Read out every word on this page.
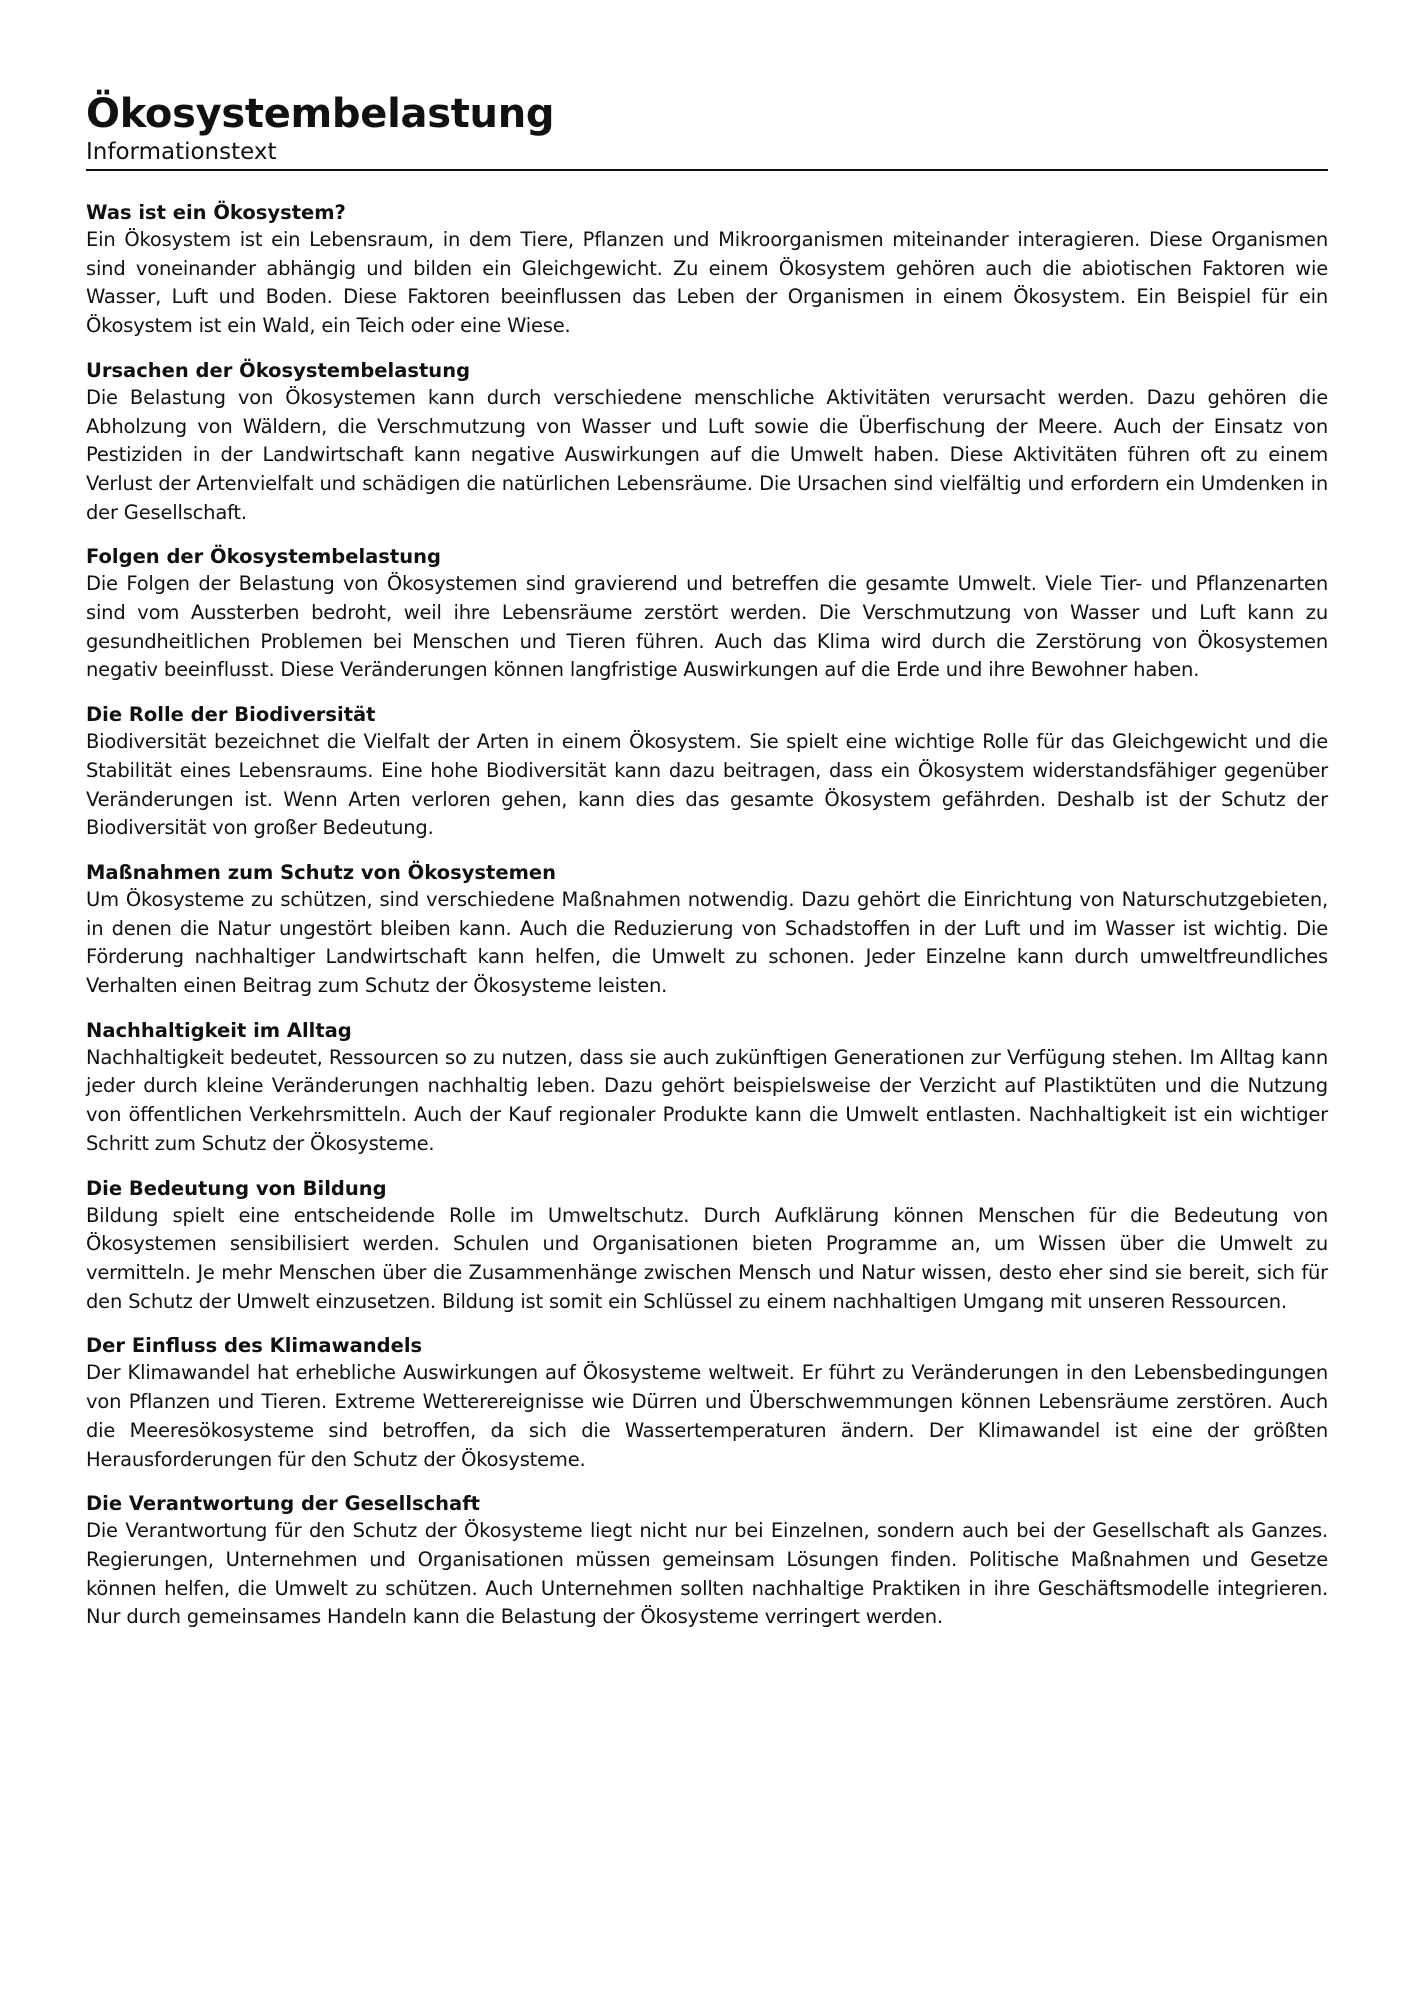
Ökosystembelastung

Informationstext

Was ist ein Ökosystem?

Ein Ökosystem ist ein Lebensraum, in dem Tiere, Pflanzen und Mikroorganismen miteinander interagieren. Diese Organismen sind voneinander abhängig und bilden ein Gleichgewicht. Zu einem Ökosystem gehören auch die abiotischen Faktoren wie Wasser, Luft und Boden. Diese Faktoren beeinflussen das Leben der Organismen in einem Ökosystem. Ein Beispiel für ein Ökosystem ist ein Wald, ein Teich oder eine Wiese.

Ursachen der Ökosystembelastung

Die Belastung von Ökosystemen kann durch verschiedene menschliche Aktivitäten verursacht werden. Dazu gehören die Abholzung von Wäldern, die Verschmutzung von Wasser und Luft sowie die Überfischung der Meere. Auch der Einsatz von Pestiziden in der Landwirtschaft kann negative Auswirkungen auf die Umwelt haben. Diese Aktivitäten führen oft zu einem Verlust der Artenvielfalt und schädigen die natürlichen Lebensräume. Die Ursachen sind vielfältig und erfordern ein Umdenken in der Gesellschaft.

Folgen der Ökosystembelastung

Die Folgen der Belastung von Ökosystemen sind gravierend und betreffen die gesamte Umwelt. Viele Tier- und Pflanzenarten sind vom Aussterben bedroht, weil ihre Lebensräume zerstört werden. Die Verschmutzung von Wasser und Luft kann zu gesundheitlichen Problemen bei Menschen und Tieren führen. Auch das Klima wird durch die Zerstörung von Ökosystemen negativ beeinflusst. Diese Veränderungen können langfristige Auswirkungen auf die Erde und ihre Bewohner haben.

Die Rolle der Biodiversität

Biodiversität bezeichnet die Vielfalt der Arten in einem Ökosystem. Sie spielt eine wichtige Rolle für das Gleichgewicht und die Stabilität eines Lebensraums. Eine hohe Biodiversität kann dazu beitragen, dass ein Ökosystem widerstandsfähiger gegenüber Veränderungen ist. Wenn Arten verloren gehen, kann dies das gesamte Ökosystem gefährden. Deshalb ist der Schutz der Biodiversität von großer Bedeutung.

Maßnahmen zum Schutz von Ökosystemen

Um Ökosysteme zu schützen, sind verschiedene Maßnahmen notwendig. Dazu gehört die Einrichtung von Naturschutzgebieten, in denen die Natur ungestört bleiben kann. Auch die Reduzierung von Schadstoffen in der Luft und im Wasser ist wichtig. Die Förderung nachhaltiger Landwirtschaft kann helfen, die Umwelt zu schonen. Jeder Einzelne kann durch umweltfreundliches Verhalten einen Beitrag zum Schutz der Ökosysteme leisten.

Nachhaltigkeit im Alltag

Nachhaltigkeit bedeutet, Ressourcen so zu nutzen, dass sie auch zukünftigen Generationen zur Verfügung stehen. Im Alltag kann jeder durch kleine Veränderungen nachhaltig leben. Dazu gehört beispielsweise der Verzicht auf Plastiktüten und die Nutzung von öffentlichen Verkehrsmitteln. Auch der Kauf regionaler Produkte kann die Umwelt entlasten. Nachhaltigkeit ist ein wichtiger Schritt zum Schutz der Ökosysteme.

Die Bedeutung von Bildung

Bildung spielt eine entscheidende Rolle im Umweltschutz. Durch Aufklärung können Menschen für die Bedeutung von Ökosystemen sensibilisiert werden. Schulen und Organisationen bieten Programme an, um Wissen über die Umwelt zu vermitteln. Je mehr Menschen über die Zusammenhänge zwischen Mensch und Natur wissen, desto eher sind sie bereit, sich für den Schutz der Umwelt einzusetzen. Bildung ist somit ein Schlüssel zu einem nachhaltigen Umgang mit unseren Ressourcen.

Der Einfluss des Klimawandels

Der Klimawandel hat erhebliche Auswirkungen auf Ökosysteme weltweit. Er führt zu Veränderungen in den Lebensbedingungen von Pflanzen und Tieren. Extreme Wetterereignisse wie Dürren und Überschwemmungen können Lebensräume zerstören. Auch die Meeresökosysteme sind betroffen, da sich die Wassertemperaturen ändern. Der Klimawandel ist eine der größten Herausforderungen für den Schutz der Ökosysteme.

Die Verantwortung der Gesellschaft

Die Verantwortung für den Schutz der Ökosysteme liegt nicht nur bei Einzelnen, sondern auch bei der Gesellschaft als Ganzes. Regierungen, Unternehmen und Organisationen müssen gemeinsam Lösungen finden. Politische Maßnahmen und Gesetze können helfen, die Umwelt zu schützen. Auch Unternehmen sollten nachhaltige Praktiken in ihre Geschäftsmodelle integrieren. Nur durch gemeinsames Handeln kann die Belastung der Ökosysteme verringert werden.
